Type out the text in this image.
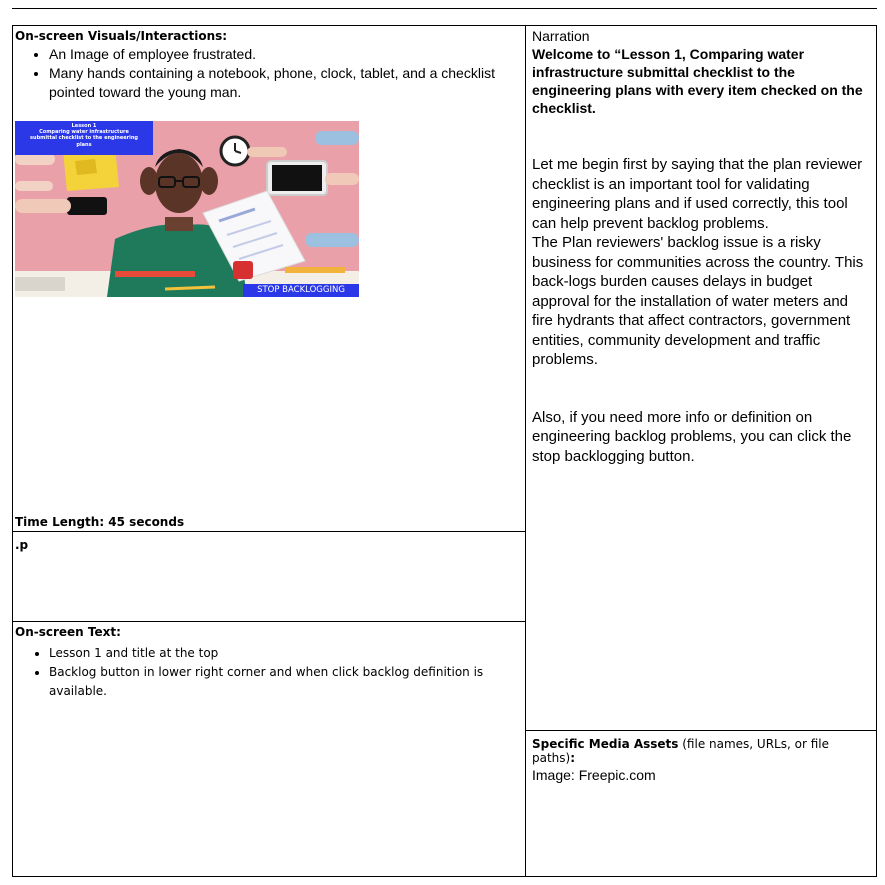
On-screen Visuals/Interactions:
• An Image of employee frustrated.
• Many hands containing a notebook, phone, clock, tablet, and a checklist pointed toward the young man.
Lesson 1
Comparing water infrastructure
submittal checklist to the engineering
plans
STOP BACKLOGGING
Time Length: 45 seconds
.p
On-screen Text:
• Lesson 1 and title at the top
• Backlog button in lower right corner and when click backlog definition is available.

Narration

Welcome to “Lesson 1, Comparing water infrastructure submittal checklist to the engineering plans with every item checked on the checklist.

Let me begin first by saying that the plan reviewer checklist is an important tool for validating engineering plans and if used correctly, this tool can help prevent backlog problems.

The Plan reviewers' backlog issue is a risky business for communities across the country. This back-logs burden causes delays in budget approval for the installation of water meters and fire hydrants that affect contractors, government entities, community development and traffic problems.

Also, if you need more info or definition on engineering backlog problems, you can click the stop backlogging button.

Specific Media Assets (file names, URLs, or file paths):
Image: Freepic.com
